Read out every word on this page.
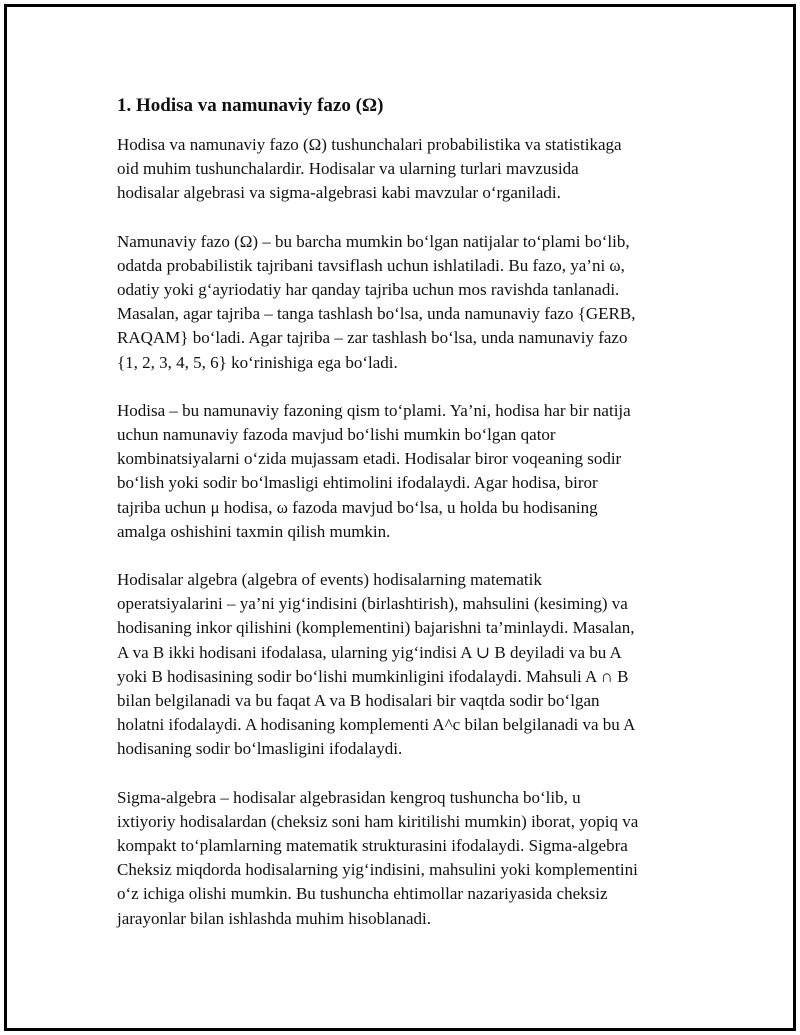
1. Hodisa va namunaviy fazo (Ω)

Hodisa va namunaviy fazo (Ω) tushunchalari probabilistika va statistikaga
oid muhim tushunchalardir. Hodisalar va ularning turlari mavzusida
hodisalar algebrasi va sigma-algebrasi kabi mavzular o‘rganiladi.

Namunaviy fazo (Ω) – bu barcha mumkin bo‘lgan natijalar to‘plami bo‘lib,
odatda probabilistik tajribani tavsiflash uchun ishlatiladi. Bu fazo, ya’ni ω,
odatiy yoki g‘ayriodatiy har qanday tajriba uchun mos ravishda tanlanadi.
Masalan, agar tajriba – tanga tashlash bo‘lsa, unda namunaviy fazo {GERB,
RAQAM} bo‘ladi. Agar tajriba – zar tashlash bo‘lsa, unda namunaviy fazo
{1, 2, 3, 4, 5, 6} ko‘rinishiga ega bo‘ladi.

Hodisa – bu namunaviy fazoning qism to‘plami. Ya’ni, hodisa har bir natija
uchun namunaviy fazoda mavjud bo‘lishi mumkin bo‘lgan qator
kombinatsiyalarni o‘zida mujassam etadi. Hodisalar biror voqeaning sodir
bo‘lish yoki sodir bo‘lmasligi ehtimolini ifodalaydi. Agar hodisa, biror
tajriba uchun μ hodisa, ω fazoda mavjud bo‘lsa, u holda bu hodisaning
amalga oshishini taxmin qilish mumkin.

Hodisalar algebra (algebra of events) hodisalarning matematik
operatsiyalarini – ya’ni yig‘indisini (birlashtirish), mahsulini (kesiming) va
hodisaning inkor qilishini (komplementini) bajarishni ta’minlaydi. Masalan,
A va B ikki hodisani ifodalasa, ularning yig‘indisi A ∪ B deyiladi va bu A
yoki B hodisasining sodir bo‘lishi mumkinligini ifodalaydi. Mahsuli A ∩ B
bilan belgilanadi va bu faqat A va B hodisalari bir vaqtda sodir bo‘lgan
holatni ifodalaydi. A hodisaning komplementi A^c bilan belgilanadi va bu A
hodisaning sodir bo‘lmasligini ifodalaydi.

Sigma-algebra – hodisalar algebrasidan kengroq tushuncha bo‘lib, u
ixtiyoriy hodisalardan (cheksiz soni ham kiritilishi mumkin) iborat, yopiq va
kompakt to‘plamlarning matematik strukturasini ifodalaydi. Sigma-algebra
Cheksiz miqdorda hodisalarning yig‘indisini, mahsulini yoki komplementini
o‘z ichiga olishi mumkin. Bu tushuncha ehtimollar nazariyasida cheksiz
jarayonlar bilan ishlashda muhim hisoblanadi.
